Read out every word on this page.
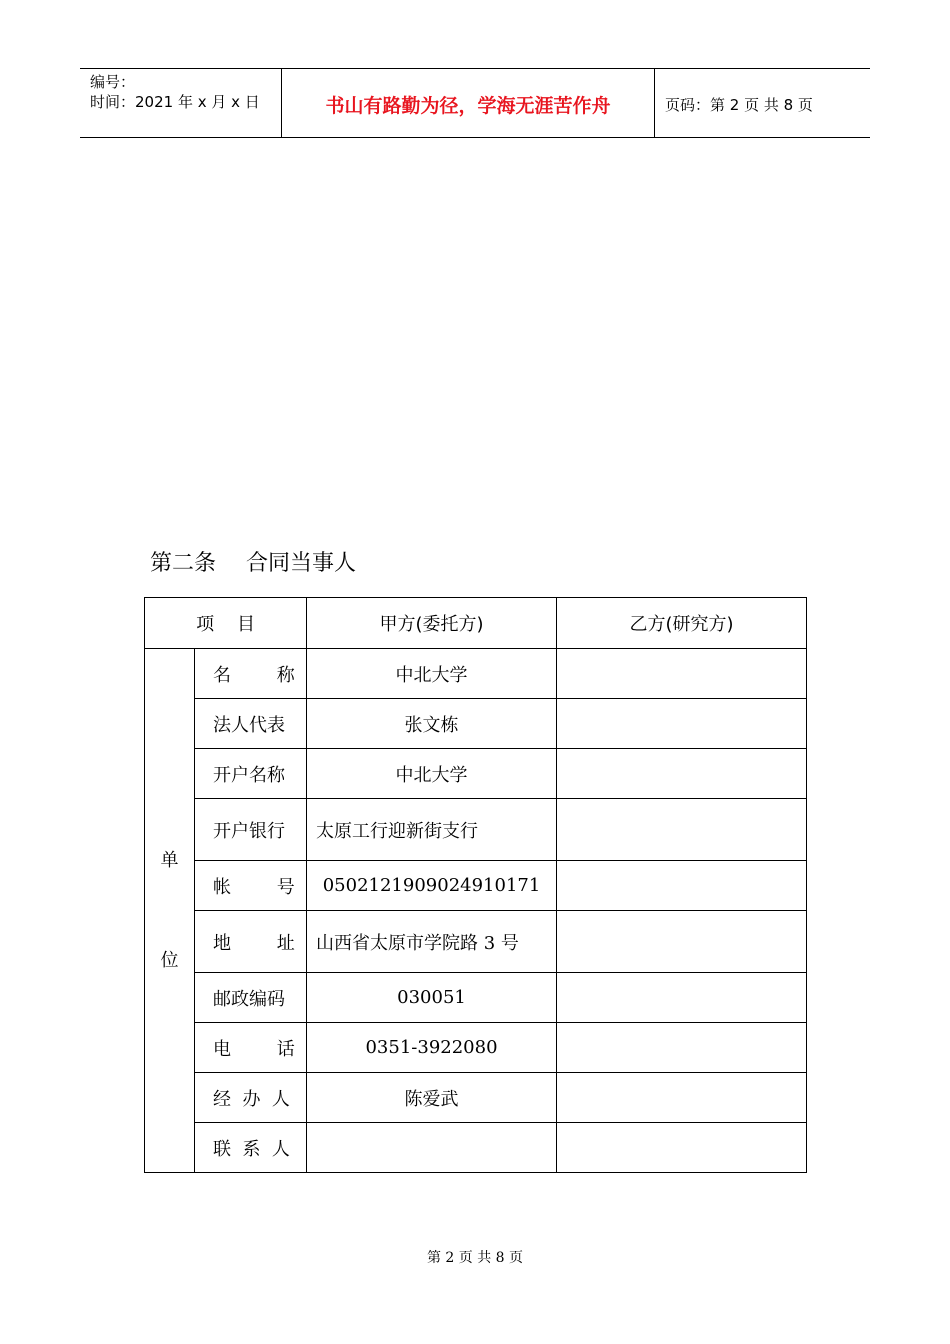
编号：
时间：2021 年 x 月 x 日	书山有路勤为径，学海无涯苦作舟	页码：第 2 页 共 8 页
第二条 合同当事人
项    目		甲方(委托方)	乙方(研究方)

单
位	名        称	中北大学	
	法人代表	张文栋	
	开户名称	中北大学	
	开户银行	太原工行迎新街支行	
	帐        号	0502121909024910171	
	地        址	山西省太原市学院路 3 号	
	邮政编码	030051	
	电        话	0351-3922080	
	经  办  人	陈爱武	
	联  系  人		
第 2 页 共 8 页
